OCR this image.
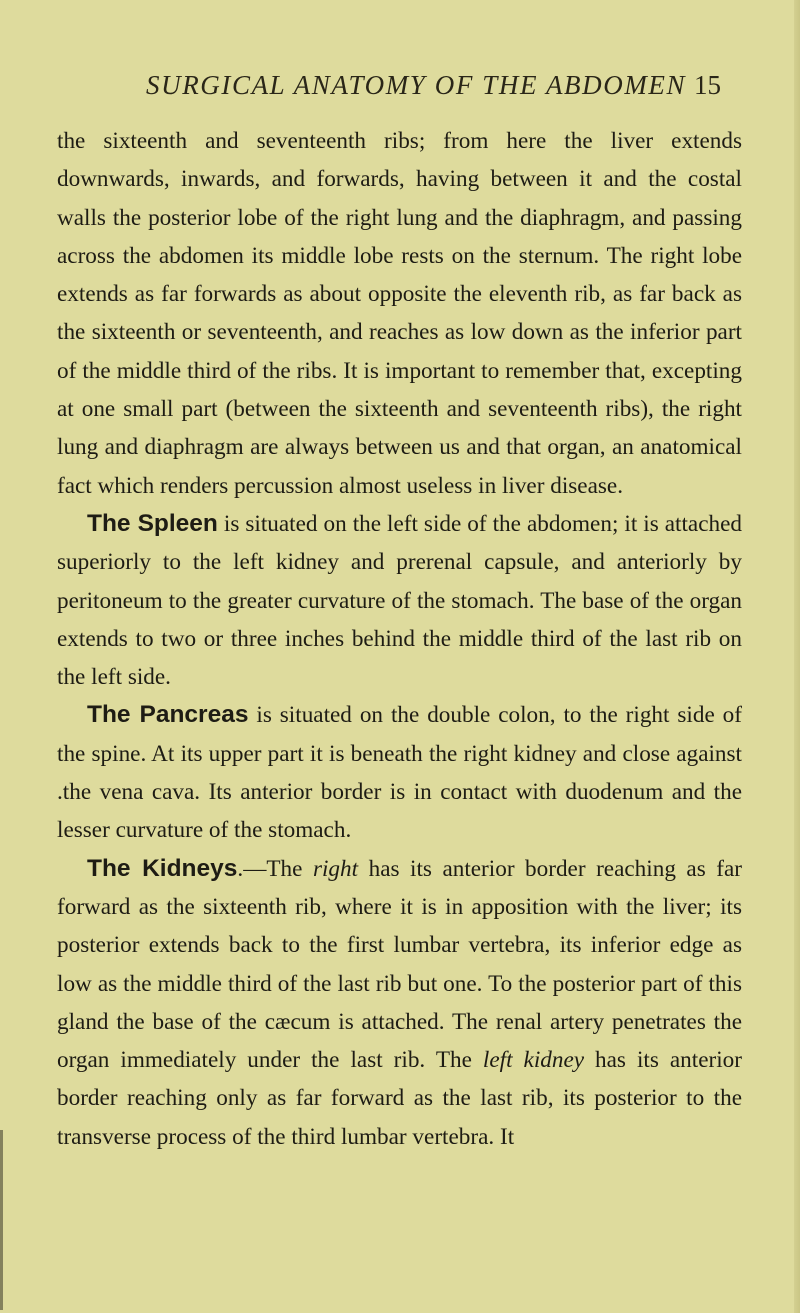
SURGICAL ANATOMY OF THE ABDOMEN 15

the sixteenth and seventeenth ribs; from here the liver extends downwards, inwards, and forwards, having between it and the costal walls the posterior lobe of the right lung and the diaphragm, and passing across the abdomen its middle lobe rests on the sternum. The right lobe extends as far forwards as about opposite the eleventh rib, as far back as the sixteenth or seventeenth, and reaches as low down as the inferior part of the middle third of the ribs. It is important to remember that, excepting at one small part (between the sixteenth and seventeenth ribs), the right lung and diaphragm are always between us and that organ, an anatomical fact which renders percussion almost useless in liver disease.

The Spleen is situated on the left side of the abdomen; it is attached superiorly to the left kidney and prerenal capsule, and anteriorly by peritoneum to the greater curvature of the stomach. The base of the organ extends to two or three inches behind the middle third of the last rib on the left side.

The Pancreas is situated on the double colon, to the right side of the spine. At its upper part it is beneath the right kidney and close against .the vena cava. Its anterior border is in contact with duodenum and the lesser curvature of the stomach.

The Kidneys.—The right has its anterior border reaching as far forward as the sixteenth rib, where it is in apposition with the liver; its posterior extends back to the first lumbar vertebra, its inferior edge as low as the middle third of the last rib but one. To the posterior part of this gland the base of the cæcum is attached. The renal artery penetrates the organ immediately under the last rib. The left kidney has its anterior border reaching only as far forward as the last rib, its posterior to the transverse process of the third lumbar vertebra. It
